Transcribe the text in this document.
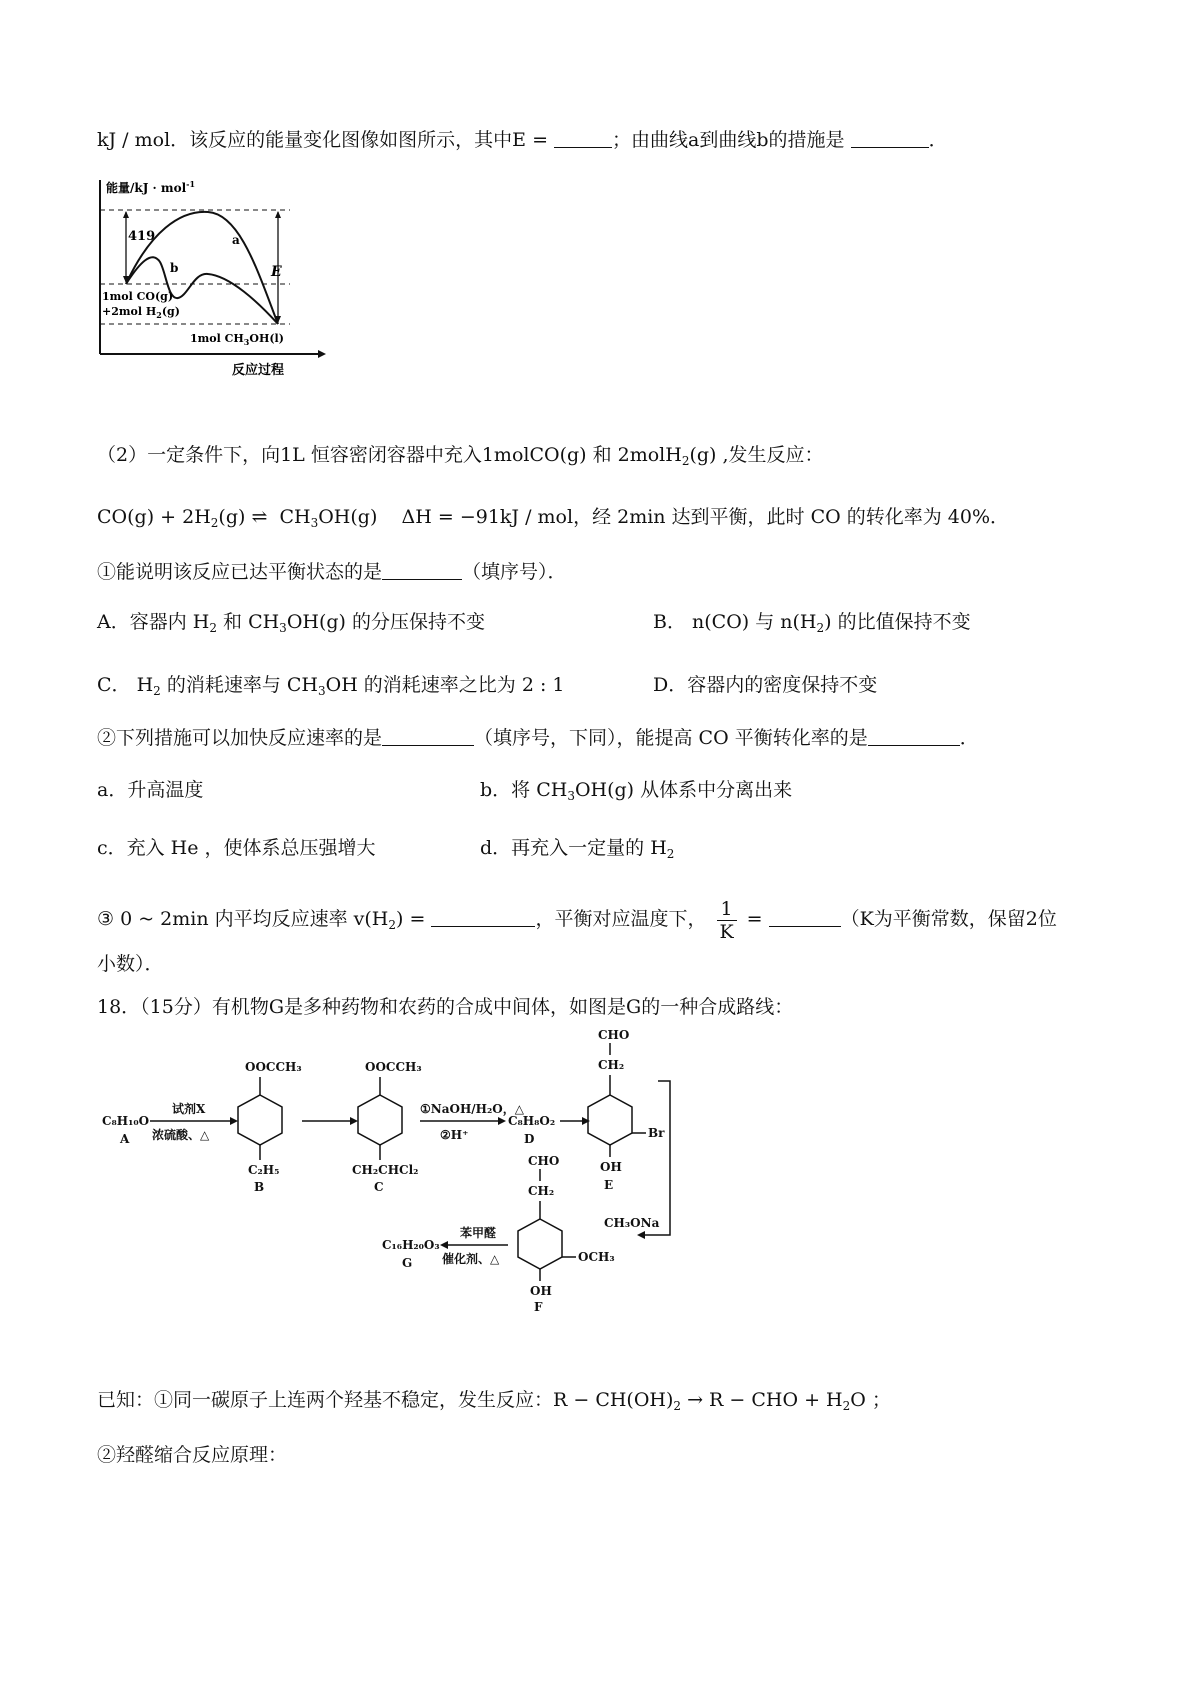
kJ / mol．该反应的能量变化图像如图所示，其中E =	；由曲线a到曲线b的措施是	．
能量/kJ · mol$^{-1}$
419
E
a
b
1mol CO(g)
+2mol $H_2(g)$
1mol $CH_3OH(l)$
反应过程
（2）一定条件下，向1L 恒容密闭容器中充入1molCO(g) 和 2molH$_2$(g) ,发生反应：
$CO(g) + 2H_2(g)$ ⇌ $CH_3OH(g) \Delta H = -91kJ$ / mol，经 2min 达到平衡，此时 CO 的转化率为 40%．
①能说明该反应已达平衡状态的是	（填序号）．
A．容器内 $H_2$ 和 $CH_3OH(g)$ 的分压保持不变	B． n(CO) 与 $n(H_2)$ 的比值保持不变
C． $H_2$ 的消耗速率与 $CH_3OH$ 的消耗速率之比为 2 : 1	D．容器内的密度保持不变
②下列措施可以加快反应速率的是	（填序号，下同），能提高 CO 平衡转化率的是	．
a．升高温度	b．将 $CH_3OH(g)$ 从体系中分离出来
c．充入 He ，使体系总压强增大	d．再充入一定量的 $H_2$
③ 0 ~ 2min 内平均反应速率 $v(H_2)$ =	，平衡对应温度下， $\frac{1}{K}$ =	（K为平衡常数，保留2位
小数）．
18．（15分）有机物G是多种药物和农药的合成中间体，如图是G的一种合成路线：
C₈H₁₀O
A
试剂X
浓硫酸、△
OOCCH₃
C₂H₅
B
OOCCH₃
CH₂CHCl₂
C
①NaOH/H₂O，△
②H⁺
C₈H₈O₂
D
CHO
CH₂
Br
OH
E
CH₃ONa
CHO
CH₂
OCH₃
OH
F
苯甲醛
催化剂、△
C₁₆H₂₀O₃
G
已知：①同一碳原子上连两个羟基不稳定，发生反应：$R - CH(OH)_2 \to R$ − CHO + $H_2O$ ；
②羟醛缩合反应原理：
